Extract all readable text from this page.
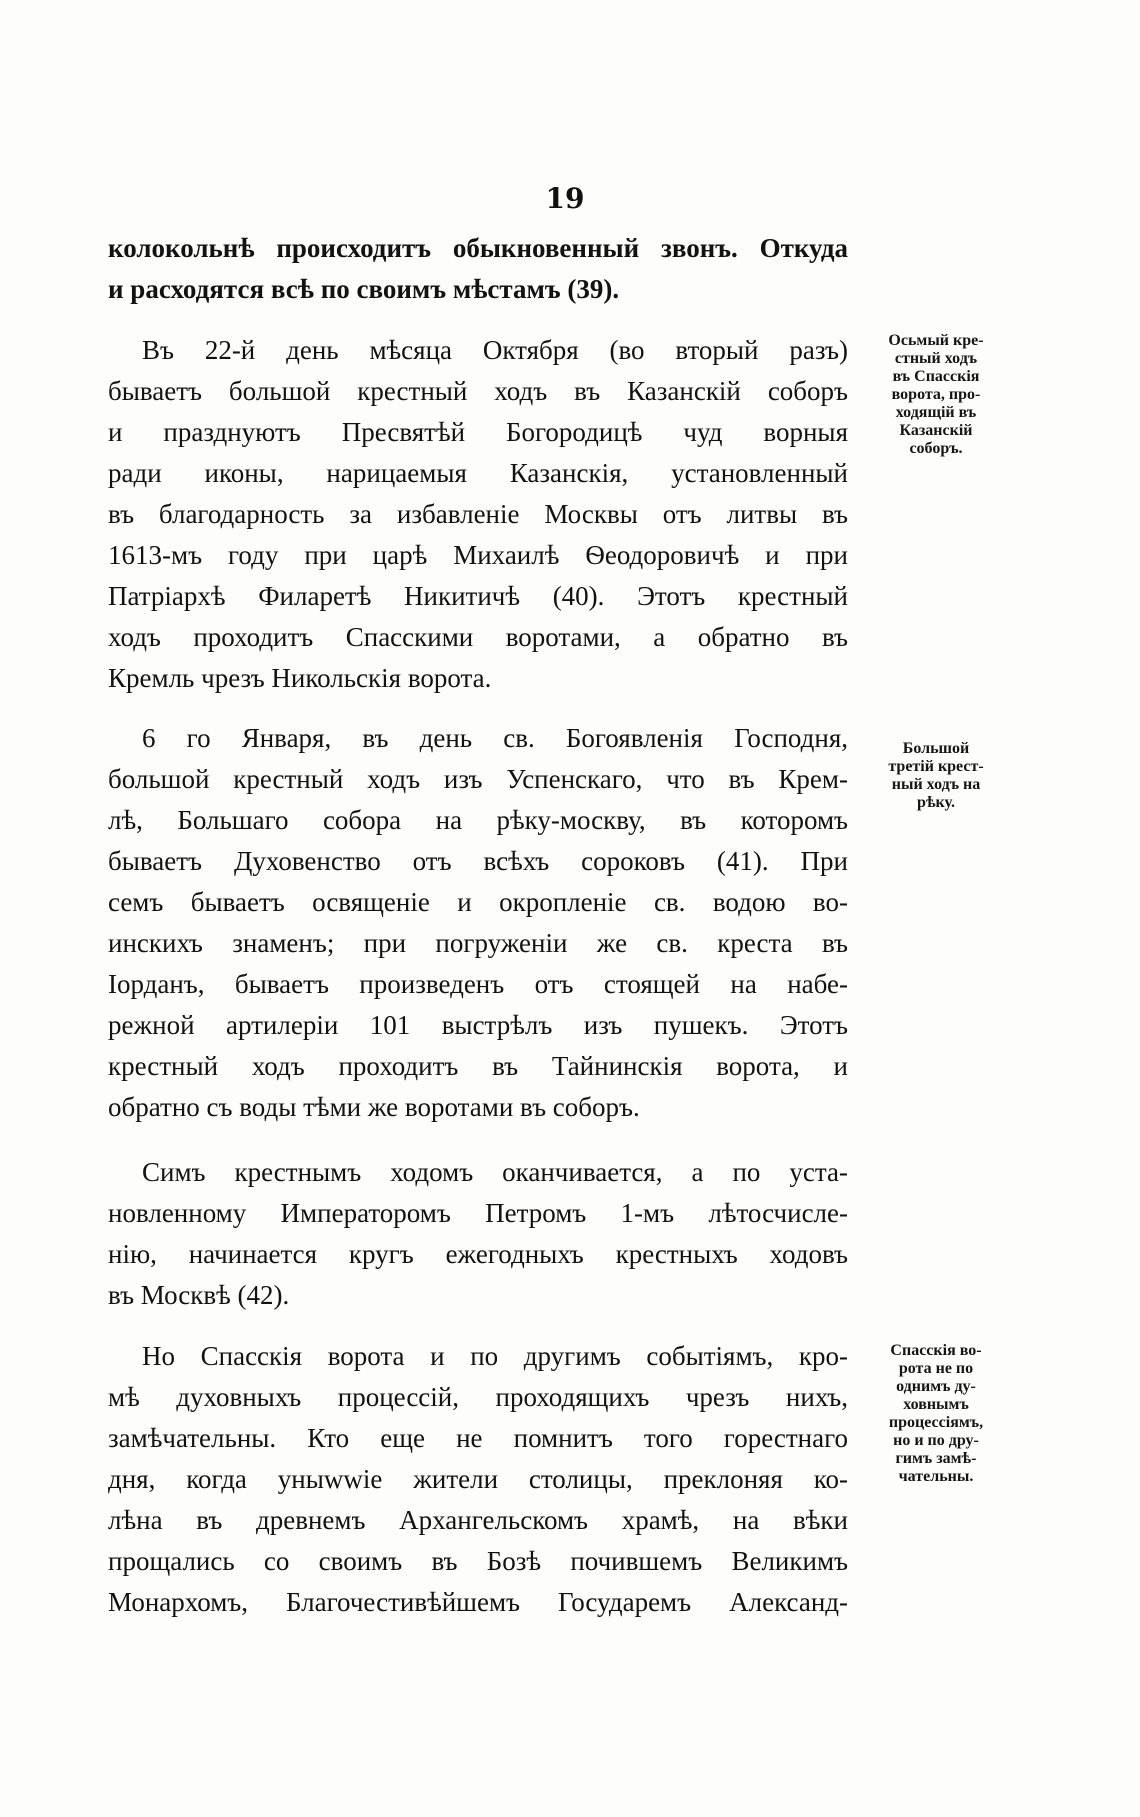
19
колокольнѣ происходитъ обыкновенный звонъ. Откуда
и расходятся всѣ по своимъ мѣстамъ (39).
Въ 22-й день мѣсяца Октября (во вторый разъ)
бываетъ большой крестный ходъ въ Казанскій соборъ
и празднуютъ Пресвятѣй Богородицѣ чуд ворныя
ради иконы, нарицаемыя Казанскія, установленный
въ благодарность за избавленіе Москвы отъ литвы въ
1613-мъ году при царѣ Михаилѣ Ѳеодоровичѣ и при
Патріархѣ Филаретѣ Никитичѣ (40). Этотъ крестный
ходъ проходитъ Спасскими воротами, а обратно въ
Кремль чрезъ Никольскія ворота.
6 го Января, въ день св. Богоявленія Господня,
большой крестный ходъ изъ Успенскаго, что въ Крем-
лѣ, Большаго собора на рѣку-москву, въ которомъ
бываетъ Духовенство отъ всѣхъ сороковъ (41). При
семъ бываетъ освященіе и окропленіе св. водою во-
инскихъ знаменъ; при погруженіи же св. креста въ
Іорданъ, бываетъ произведенъ отъ стоящей на набе-
режной артилеріи 101 выстрѣлъ изъ пушекъ. Этотъ
крестный ходъ проходитъ въ Тайнинскія ворота, и
обратно съ воды тѣми же воротами въ соборъ.
Симъ крестнымъ ходомъ оканчивается, а по уста-
новленному Императоромъ Петромъ 1-мъ лѣтосчисле-
нію, начинается кругъ ежегодныхъ крестныхъ ходовъ
въ Москвѣ (42).
Но Спасскія ворота и по другимъ событіямъ, кро-
мѣ духовныхъ процессій, проходящихъ чрезъ нихъ,
замѣчательны. Кто еще не помнитъ того горестнаго
дня, когда уныwwіе жители столицы, преклоняя ко-
лѣна въ древнемъ Архангельскомъ храмѣ, на вѣки
прощались со своимъ въ Бозѣ почившемъ Великимъ
Монархомъ, Благочестивѣйшемъ Государемъ Александ-
Осьмый кре-
стный ходъ
въ Спасскія
ворота, про-
ходящій въ
Казанскій
соборъ.
Большой
третій крест-
ный ходъ на
рѣку.
Спасскія во-
рота не по
однимъ ду-
ховнымъ
процессіямъ,
но и по дру-
гимъ замѣ-
чательны.
